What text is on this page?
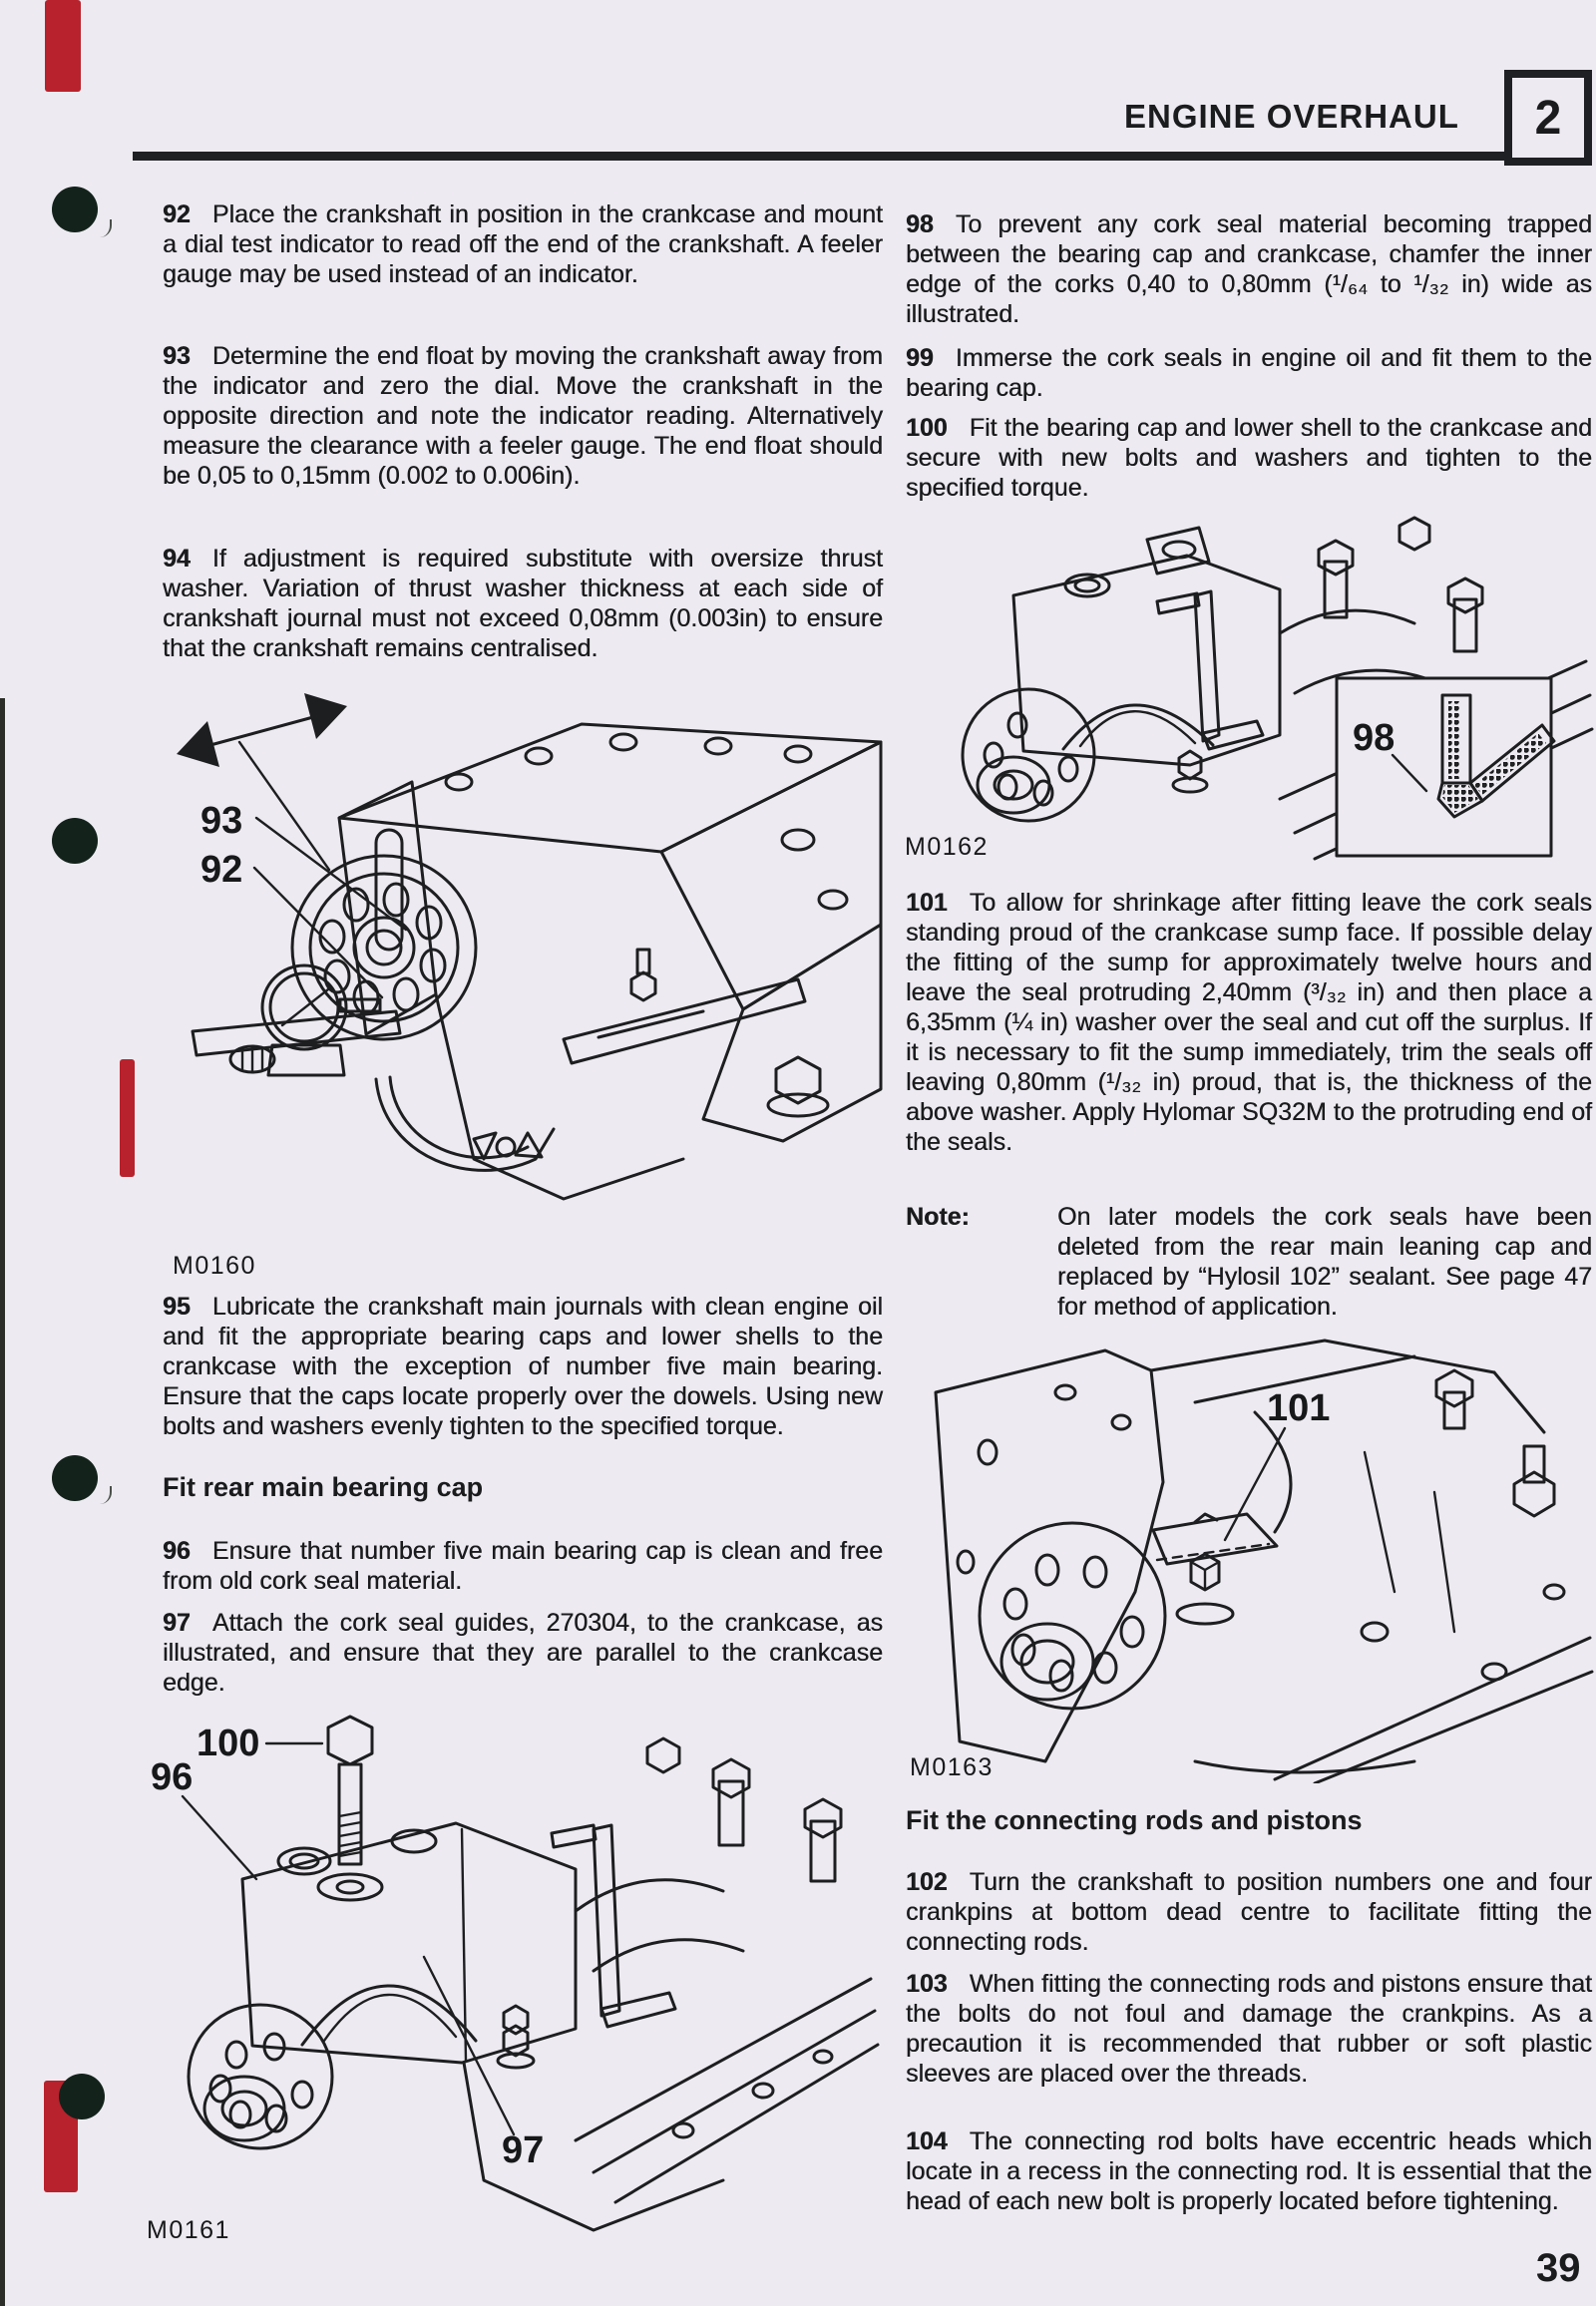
ENGINE OVERHAUL 2
92 Place the crankshaft in position in the crankcase and mount a dial test indicator to read off the end of the crankshaft. A feeler gauge may be used instead of an indicator.
93 Determine the end float by moving the crankshaft away from the indicator and zero the dial. Move the crankshaft in the opposite direction and note the indicator reading. Alternatively measure the clearance with a feeler gauge. The end float should be 0,05 to 0,15mm (0.002 to 0.006in).
94 If adjustment is required substitute with oversize thrust washer. Variation of thrust washer thickness at each side of crankshaft journal must not exceed 0,08mm (0.003in) to ensure that the crankshaft remains centralised.
93
92
M0160
95 Lubricate the crankshaft main journals with clean engine oil and fit the appropriate bearing caps and lower shells to the crankcase with the exception of number five main bearing. Ensure that the caps locate properly over the dowels. Using new bolts and washers evenly tighten to the specified torque.
Fit rear main bearing cap
96 Ensure that number five main bearing cap is clean and free from old cork seal material.
97 Attach the cork seal guides, 270304, to the crankcase, as illustrated, and ensure that they are parallel to the crankcase edge.
100
96
97
M0161
98 To prevent any cork seal material becoming trapped between the bearing cap and crankcase, chamfer the inner edge of the corks 0,40 to 0,80mm (¹/₆₄ to ¹/₃₂ in) wide as illustrated.
99 Immerse the cork seals in engine oil and fit them to the bearing cap.
100 Fit the bearing cap and lower shell to the crankcase and secure with new bolts and washers and tighten to the specified torque.
98
M0162
101 To allow for shrinkage after fitting leave the cork seals standing proud of the crankcase sump face. If possible delay the fitting of the sump for approximately twelve hours and leave the seal protruding 2,40mm (³/₃₂ in) and then place a 6,35mm (¼ in) washer over the seal and cut off the surplus. If it is necessary to fit the sump immediately, trim the seals off leaving 0,80mm (¹/₃₂ in) proud, that is, the thickness of the above washer. Apply Hylomar SQ32M to the protruding end of the seals.
Note:	On later models the cork seals have been deleted from the rear main leaning cap and replaced by “Hylosil 102” sealant. See page 47 for method of application.
101
M0163
Fit the connecting rods and pistons
102 Turn the crankshaft to position numbers one and four crankpins at bottom dead centre to facilitate fitting the connecting rods.
103 When fitting the connecting rods and pistons ensure that the bolts do not foul and damage the crankpins. As a precaution it is recommended that rubber or soft plastic sleeves are placed over the threads.
104 The connecting rod bolts have eccentric heads which locate in a recess in the connecting rod. It is essential that the head of each new bolt is properly located before tightening.
39
